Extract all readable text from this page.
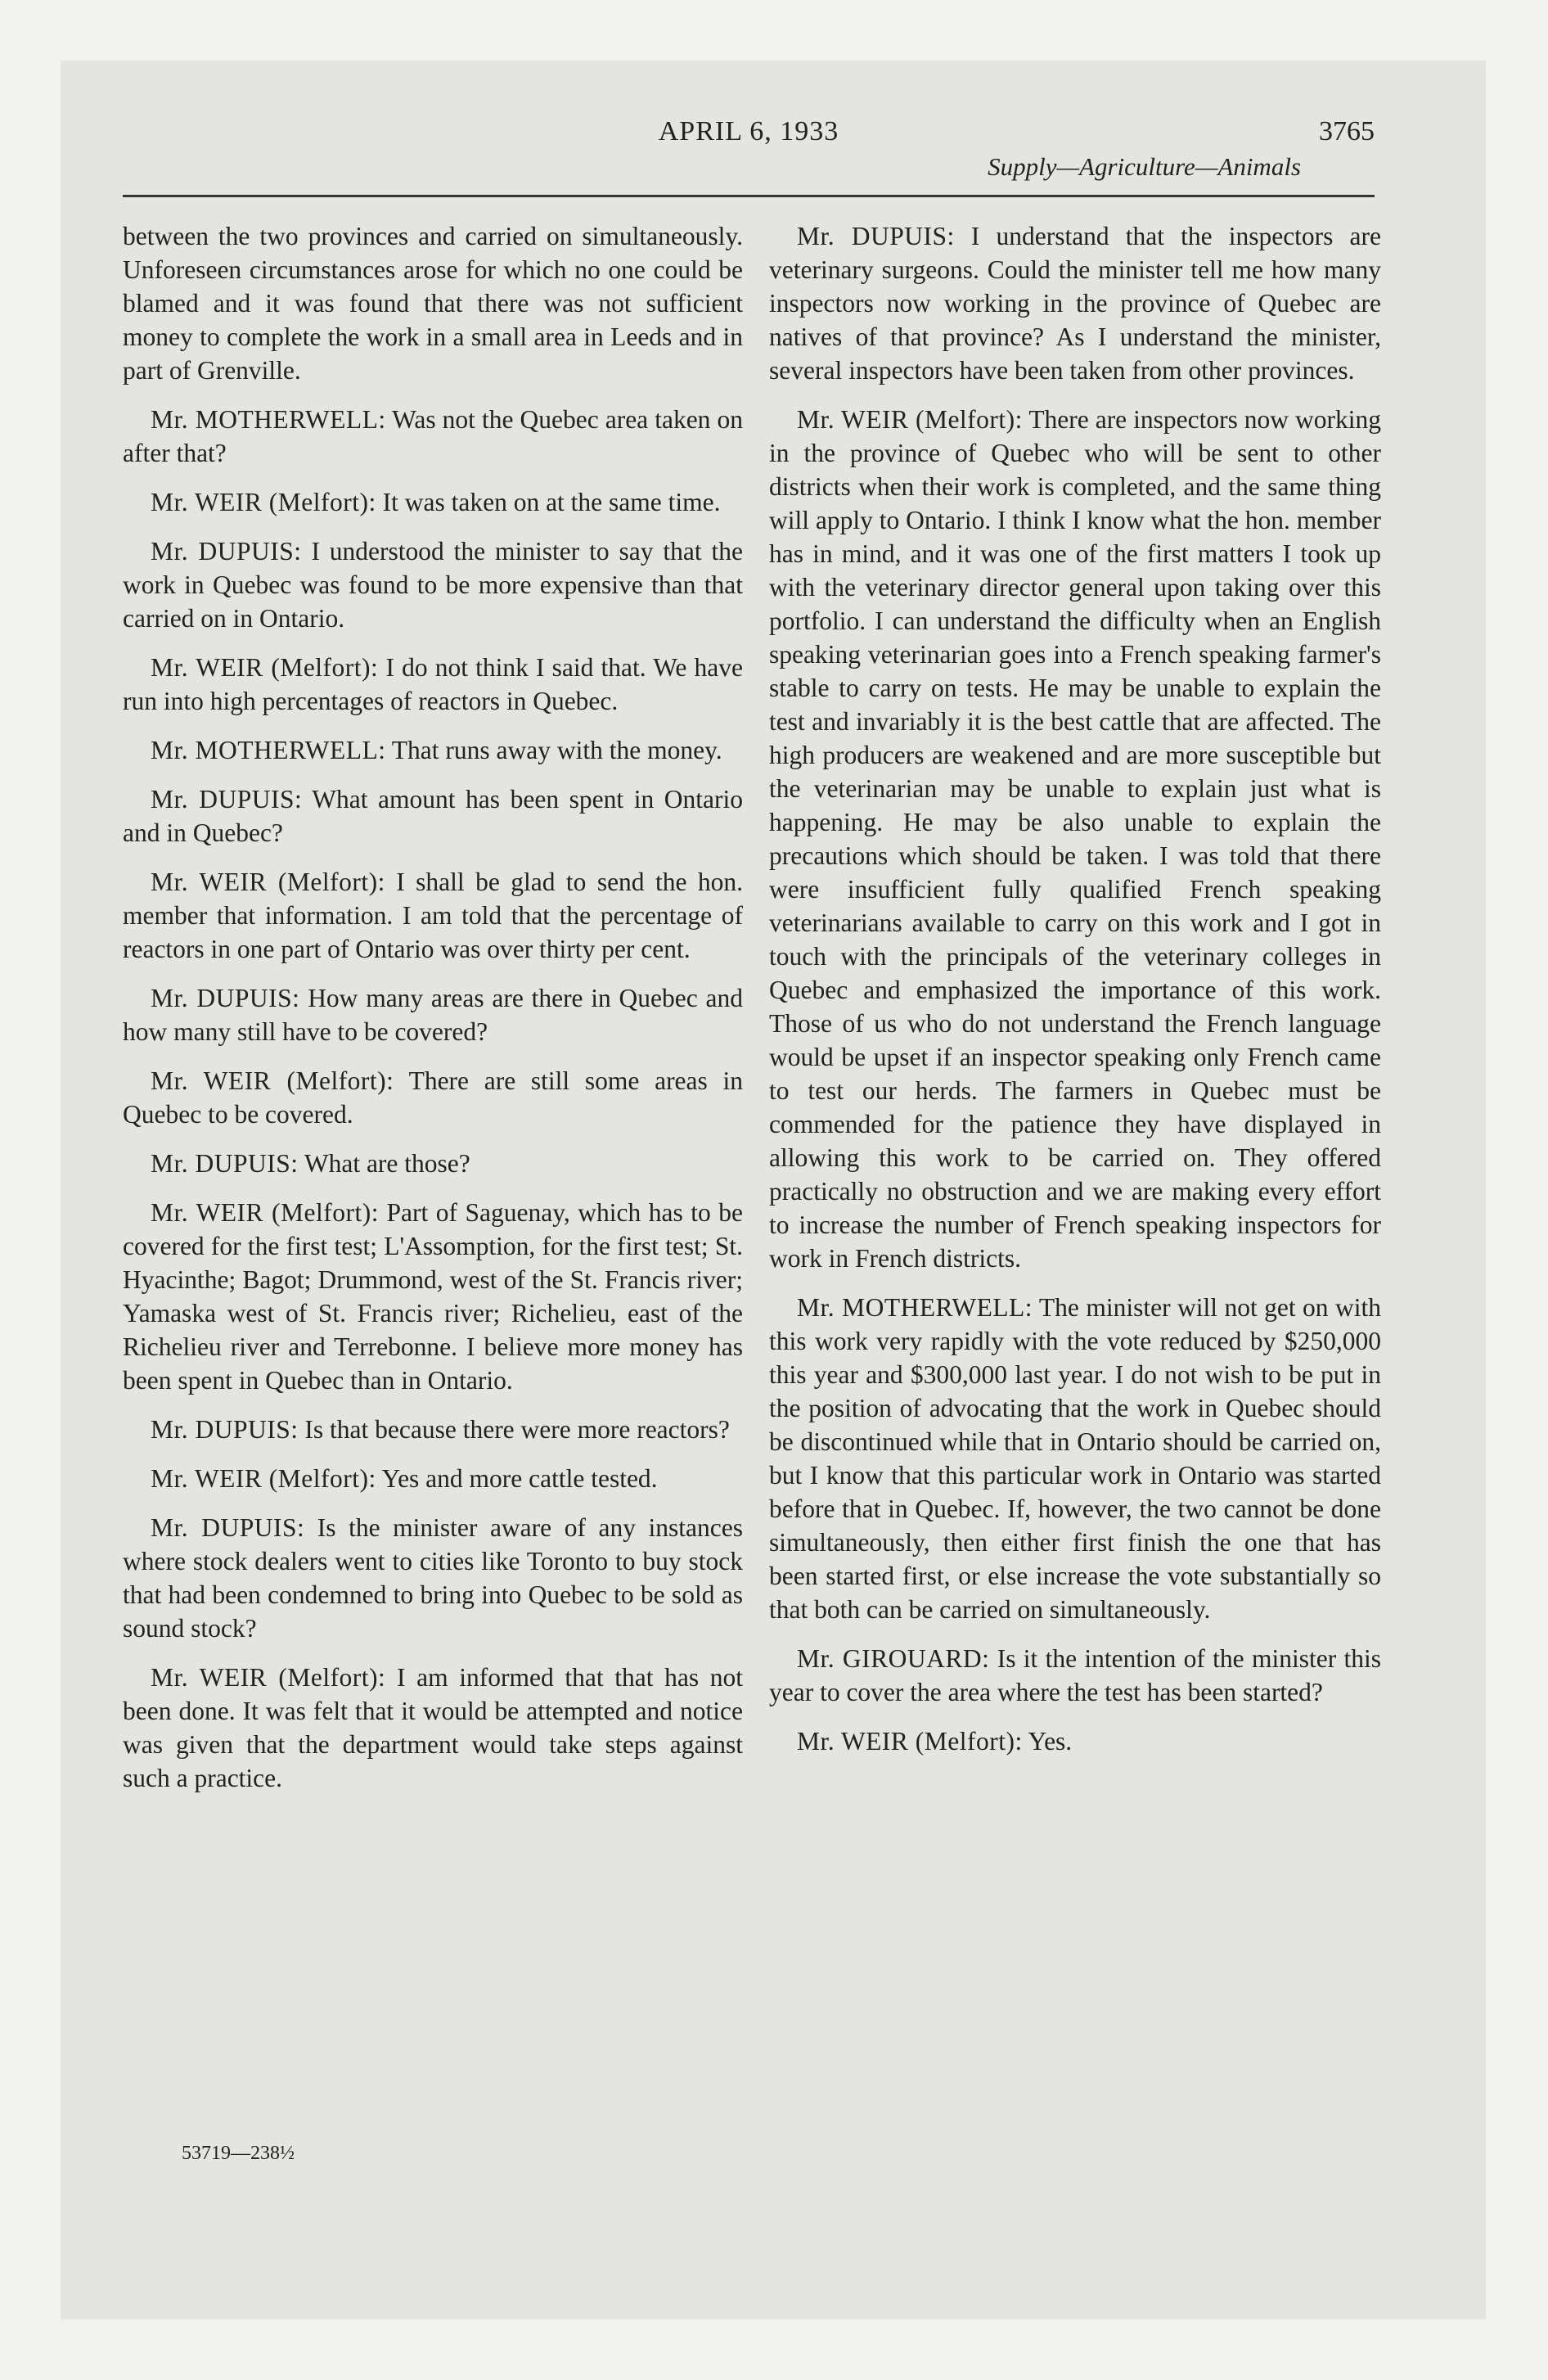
APRIL 6, 1933	3765
Supply—Agriculture—Animals

between the two provinces and carried on simultaneously. Unforeseen circumstances arose for which no one could be blamed and it was found that there was not sufficient money to complete the work in a small area in Leeds and in part of Grenville.

Mr. MOTHERWELL: Was not the Quebec area taken on after that?

Mr. WEIR (Melfort): It was taken on at the same time.

Mr. DUPUIS: I understood the minister to say that the work in Quebec was found to be more expensive than that carried on in Ontario.

Mr. WEIR (Melfort): I do not think I said that. We have run into high percentages of reactors in Quebec.

Mr. MOTHERWELL: That runs away with the money.

Mr. DUPUIS: What amount has been spent in Ontario and in Quebec?

Mr. WEIR (Melfort): I shall be glad to send the hon. member that information. I am told that the percentage of reactors in one part of Ontario was over thirty per cent.

Mr. DUPUIS: How many areas are there in Quebec and how many still have to be covered?

Mr. WEIR (Melfort): There are still some areas in Quebec to be covered.

Mr. DUPUIS: What are those?

Mr. WEIR (Melfort): Part of Saguenay, which has to be covered for the first test; L'Assomption, for the first test; St. Hyacinthe; Bagot; Drummond, west of the St. Francis river; Yamaska west of St. Francis river; Richelieu, east of the Richelieu river and Terrebonne. I believe more money has been spent in Quebec than in Ontario.

Mr. DUPUIS: Is that because there were more reactors?

Mr. WEIR (Melfort): Yes and more cattle tested.

Mr. DUPUIS: Is the minister aware of any instances where stock dealers went to cities like Toronto to buy stock that had been condemned to bring into Quebec to be sold as sound stock?

Mr. WEIR (Melfort): I am informed that that has not been done. It was felt that it would be attempted and notice was given that the department would take steps against such a practice.

Mr. DUPUIS: I understand that the inspectors are veterinary surgeons. Could the minister tell me how many inspectors now working in the province of Quebec are natives of that province? As I understand the minister, several inspectors have been taken from other provinces.

Mr. WEIR (Melfort): There are inspectors now working in the province of Quebec who will be sent to other districts when their work is completed, and the same thing will apply to Ontario. I think I know what the hon. member has in mind, and it was one of the first matters I took up with the veterinary director general upon taking over this portfolio. I can understand the difficulty when an English speaking veterinarian goes into a French speaking farmer's stable to carry on tests. He may be unable to explain the test and invariably it is the best cattle that are affected. The high producers are weakened and are more susceptible but the veterinarian may be unable to explain just what is happening. He may be also unable to explain the precautions which should be taken. I was told that there were insufficient fully qualified French speaking veterinarians available to carry on this work and I got in touch with the principals of the veterinary colleges in Quebec and emphasized the importance of this work. Those of us who do not understand the French language would be upset if an inspector speaking only French came to test our herds. The farmers in Quebec must be commended for the patience they have displayed in allowing this work to be carried on. They offered practically no obstruction and we are making every effort to increase the number of French speaking inspectors for work in French districts.

Mr. MOTHERWELL: The minister will not get on with this work very rapidly with the vote reduced by $250,000 this year and $300,000 last year. I do not wish to be put in the position of advocating that the work in Quebec should be discontinued while that in Ontario should be carried on, but I know that this particular work in Ontario was started before that in Quebec. If, however, the two cannot be done simultaneously, then either first finish the one that has been started first, or else increase the vote substantially so that both can be carried on simultaneously.

Mr. GIROUARD: Is it the intention of the minister this year to cover the area where the test has been started?

Mr. WEIR (Melfort): Yes.

53719—238½
